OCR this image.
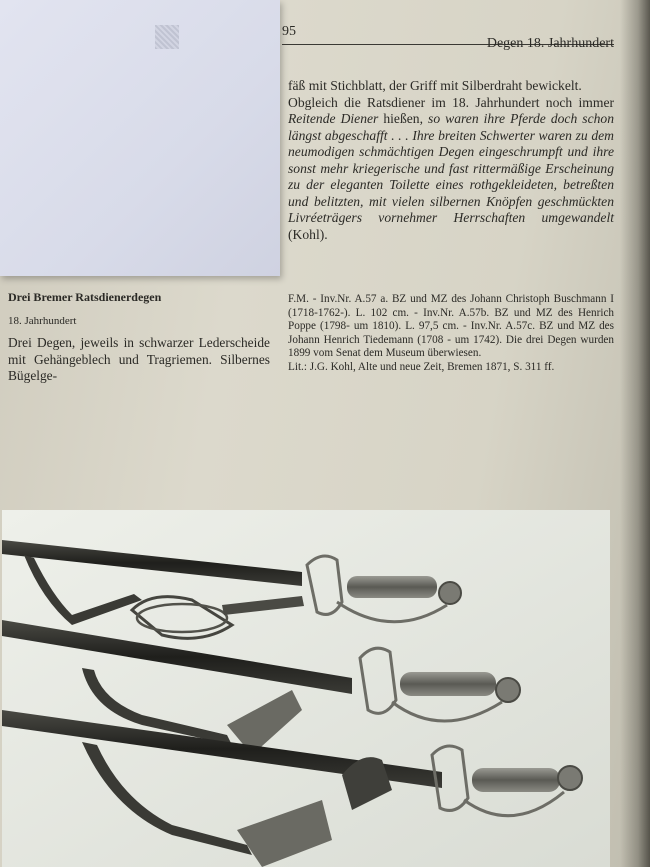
95
Degen 18. Jahrhundert

fäß mit Stichblatt, der Griff mit Silberdraht bewickelt.

Obgleich die Ratsdiener im 18. Jahrhundert noch immer Reitende Diener hießen, so waren ihre Pferde doch schon längst abgeschafft . . . Ihre breiten Schwerter waren zu dem neumodigen schmächtigen Degen eingeschrumpft und ihre sonst mehr kriegerische und fast rittermäßige Erscheinung zu der eleganten Toilette eines rothgekleideten, betreßten und belitzten, mit vielen silbernen Knöpfen geschmückten Livréeträgers vornehmer Herrschaften umgewandelt (Kohl).

F.M. - Inv.Nr. A.57 a. BZ und MZ des Johann Christoph Buschmann I (1718-1762-). L. 102 cm. - Inv.Nr. A.57b. BZ und MZ des Henrich Poppe (1798- um 1810). L. 97,5 cm. - Inv.Nr. A.57c. BZ und MZ des Johann Henrich Tiedemann (1708 - um 1742). Die drei Degen wurden 1899 vom Senat dem Museum überwiesen.

Lit.: J.G. Kohl, Alte und neue Zeit, Bremen 1871, S. 311 ff.

Drei Bremer Ratsdienerdegen

18. Jahrhundert

Drei Degen, jeweils in schwarzer Lederscheide mit Gehängeblech und Tragriemen. Silbernes Bügelge-
